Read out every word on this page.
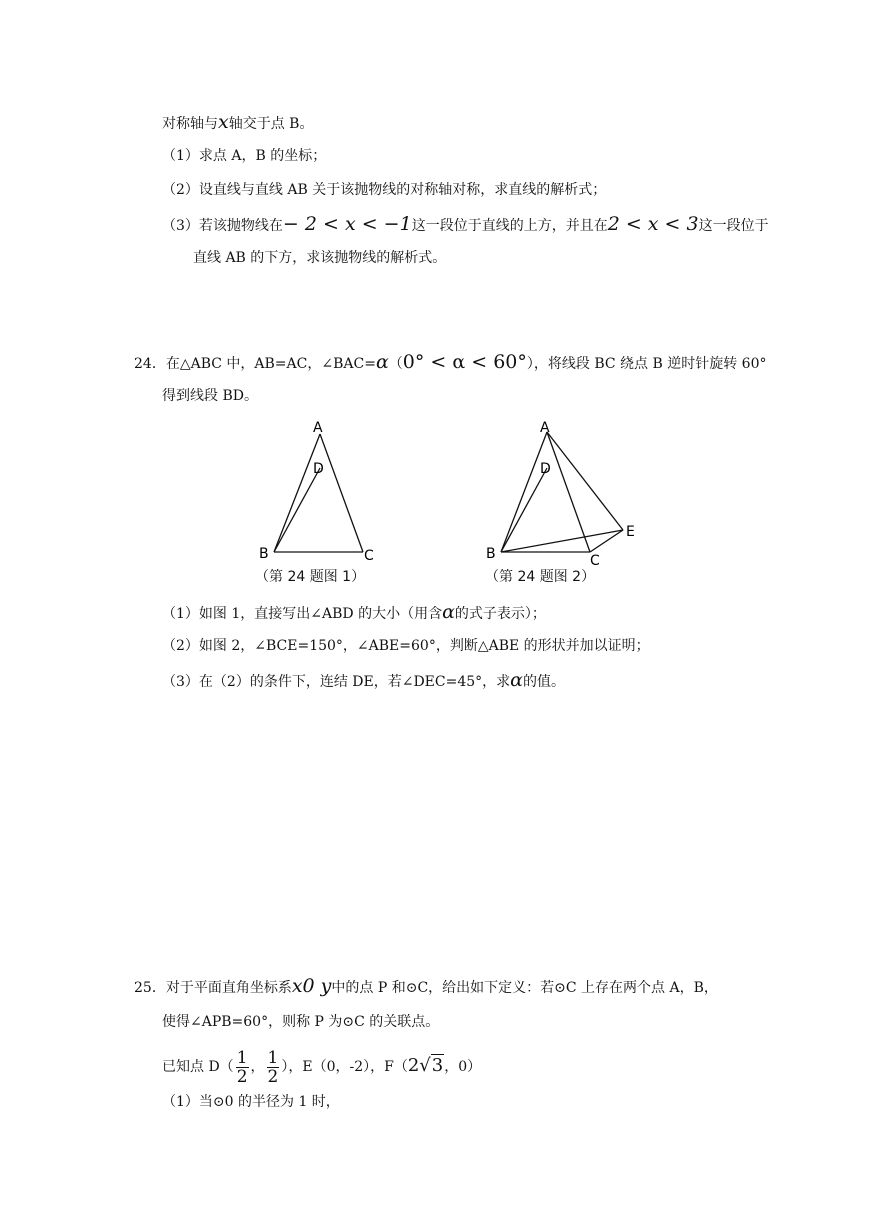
对称轴与x轴交于点 B。
（1）求点 A，B 的坐标；
（2）设直线与直线 AB 关于该抛物线的对称轴对称，求直线的解析式；
（3）若该抛物线在− 2 < x < −1这一段位于直线的上方，并且在2 < x < 3这一段位于
直线 AB 的下方，求该抛物线的解析式。
24．在△ABC 中，AB=AC，∠BAC=α（0° < α < 60°），将线段 BC 绕点 B 逆时针旋转 60°
得到线段 BD。
A
D
B	C
（第 24 题图 1）
A
D
B	C
E
（第 24 题图 2）
（1）如图 1，直接写出∠ABD 的大小（用含α的式子表示）；
（2）如图 2，∠BCE=150°，∠ABE=60°，判断△ABE 的形状并加以证明；
（3）在（2）的条件下，连结 DE，若∠DEC=45°，求α的值。
25．对于平面直角坐标系x0 y中的点 P 和⊙C，给出如下定义：若⊙C 上存在两个点 A，B，
使得∠APB=60°，则称 P 为⊙C 的关联点。
已知点 $D( \frac{1}{2}$ ， $\frac{1}{2}$ ），E（0，-2），F（2√3，0）
（1）当⊙0 的半径为 1 时，
